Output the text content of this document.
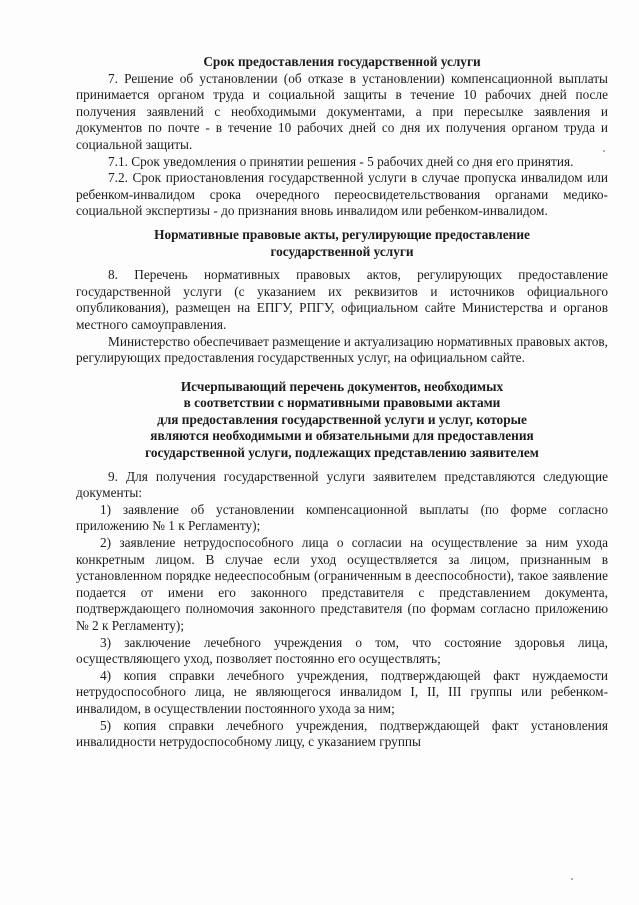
Срок предоставления государственной услуги

7. Решение об установлении (об отказе в установлении) компенсационной выплаты принимается органом труда и социальной защиты в течение 10 рабочих дней после получения заявлений с необходимыми документами, а при пересылке заявления и документов по почте - в течение 10 рабочих дней со дня их получения органом труда и социальной защиты.

7.1. Срок уведомления о принятии решения - 5 рабочих дней со дня его принятия.

7.2. Срок приостановления государственной услуги в случае пропуска инвалидом или ребенком-инвалидом срока очередного переосвидетельствования органами медико-социальной экспертизы - до признания вновь инвалидом или ребенком-инвалидом.

Нормативные правовые акты, регулирующие предоставление
государственной услуги

8. Перечень нормативных правовых актов, регулирующих предоставление государственной услуги (с указанием их реквизитов и источников официального опубликования), размещен на ЕПГУ, РПГУ, официальном сайте Министерства и органов местного самоуправления.

Министерство обеспечивает размещение и актуализацию нормативных правовых актов, регулирующих предоставления государственных услуг, на официальном сайте.

Исчерпывающий перечень документов, необходимых
в соответствии с нормативными правовыми актами
для предоставления государственной услуги и услуг, которые
являются необходимыми и обязательными для предоставления
государственной услуги, подлежащих представлению заявителем

9. Для получения государственной услуги заявителем представляются следующие документы:

1) заявление об установлении компенсационной выплаты (по форме согласно приложению № 1 к Регламенту);

2) заявление нетрудоспособного лица о согласии на осуществление за ним ухода конкретным лицом. В случае если уход осуществляется за лицом, признанным в установленном порядке недееспособным (ограниченным в дееспособности), такое заявление подается от имени его законного представителя с представлением документа, подтверждающего полномочия законного представителя (по формам согласно приложению № 2 к Регламенту);

3) заключение лечебного учреждения о том, что состояние здоровья лица, осуществляющего уход, позволяет постоянно его осуществлять;

4) копия справки лечебного учреждения, подтверждающей факт нуждаемости нетрудоспособного лица, не являющегося инвалидом I, II, III группы или ребенком-инвалидом, в осуществлении постоянного ухода за ним;

5) копия справки лечебного учреждения, подтверждающей факт установления инвалидности нетрудоспособному лицу, с указанием группы
